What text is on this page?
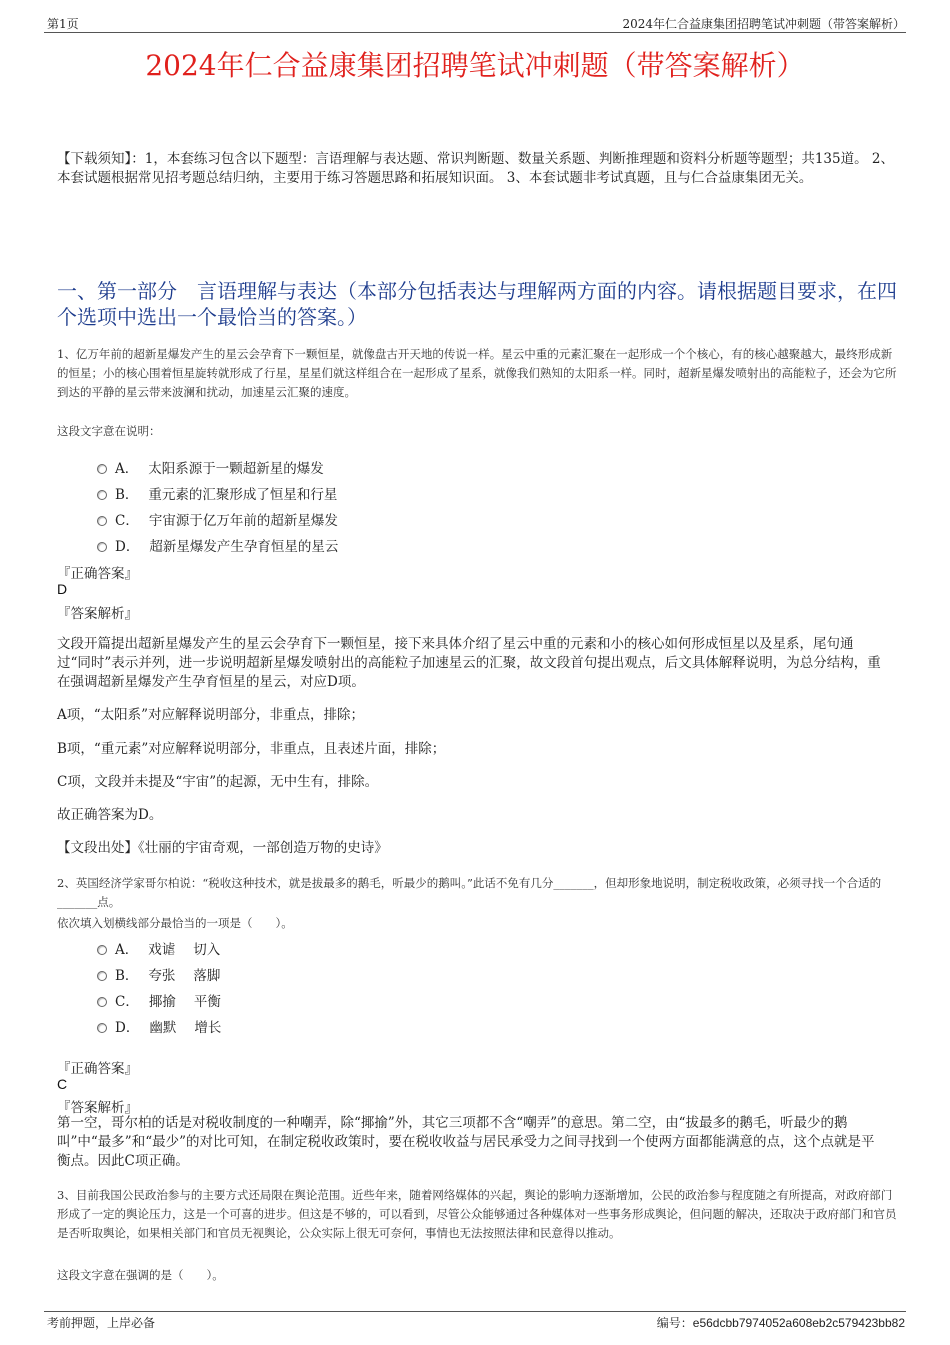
第1页	2024年仁合益康集团招聘笔试冲刺题（带答案解析）
2024年仁合益康集团招聘笔试冲刺题（带答案解析）
【下载须知】：1，本套练习包含以下题型：言语理解与表达题、常识判断题、数量关系题、判断推理题和资料分析题等题型；共135道。 2、本套试题根据常见招考题总结归纳，主要用于练习答题思路和拓展知识面。 3、本套试题非考试真题，且与仁合益康集团无关。
一、第一部分　言语理解与表达（本部分包括表达与理解两方面的内容。请根据题目要求，在四个选项中选出一个最恰当的答案。）
1、亿万年前的超新星爆发产生的星云会孕育下一颗恒星，就像盘古开天地的传说一样。星云中重的元素汇聚在一起形成一个个核心，有的核心越聚越大，最终形成新的恒星；小的核心围着恒星旋转就形成了行星，星星们就这样组合在一起形成了星系，就像我们熟知的太阳系一样。同时，超新星爆发喷射出的高能粒子，还会为它所到达的平静的星云带来波澜和扰动，加速星云汇聚的速度。
这段文字意在说明：
A． 太阳系源于一颗超新星的爆发
B． 重元素的汇聚形成了恒星和行星
C． 宇宙源于亿万年前的超新星爆发
D． 超新星爆发产生孕育恒星的星云
『正确答案』
D
『答案解析』
文段开篇提出超新星爆发产生的星云会孕育下一颗恒星，接下来具体介绍了星云中重的元素和小的核心如何形成恒星以及星系，尾句通过“同时”表示并列，进一步说明超新星爆发喷射出的高能粒子加速星云的汇聚，故文段首句提出观点，后文具体解释说明，为总分结构，重在强调超新星爆发产生孕育恒星的星云，对应D项。
A项，“太阳系”对应解释说明部分，非重点，排除；
B项，“重元素”对应解释说明部分，非重点，且表述片面，排除；
C项，文段并未提及“宇宙”的起源，无中生有，排除。
故正确答案为D。
【文段出处】《壮丽的宇宙奇观，一部创造万物的史诗》
2、英国经济学家哥尔柏说：“税收这种技术，就是拔最多的鹅毛，听最少的鹅叫。”此话不免有几分_______，但却形象地说明，制定税收政策，必须寻找一个合适的_______点。
依次填入划横线部分最恰当的一项是（　　）。
A． 戏谑 切入
B． 夸张 落脚
C． 揶揄 平衡
D． 幽默 增长
『正确答案』
C
『答案解析』
第一空，哥尔柏的话是对税收制度的一种嘲弄，除“揶揄”外，其它三项都不含“嘲弄”的意思。第二空，由“拔最多的鹅毛，听最少的鹅叫”中“最多”和“最少”的对比可知，在制定税收政策时，要在税收收益与居民承受力之间寻找到一个使两方面都能满意的点，这个点就是平衡点。因此C项正确。
3、目前我国公民政治参与的主要方式还局限在舆论范围。近些年来，随着网络媒体的兴起，舆论的影响力逐渐增加，公民的政治参与程度随之有所提高，对政府部门形成了一定的舆论压力，这是一个可喜的进步。但这是不够的，可以看到，尽管公众能够通过各种媒体对一些事务形成舆论，但问题的解决，还取决于政府部门和官员是否听取舆论，如果相关部门和官员无视舆论，公众实际上很无可奈何，事情也无法按照法律和民意得以推动。
这段文字意在强调的是（　　）。
考前押题，上岸必备	编号：e56dcbb7974052a608eb2c579423bb82
